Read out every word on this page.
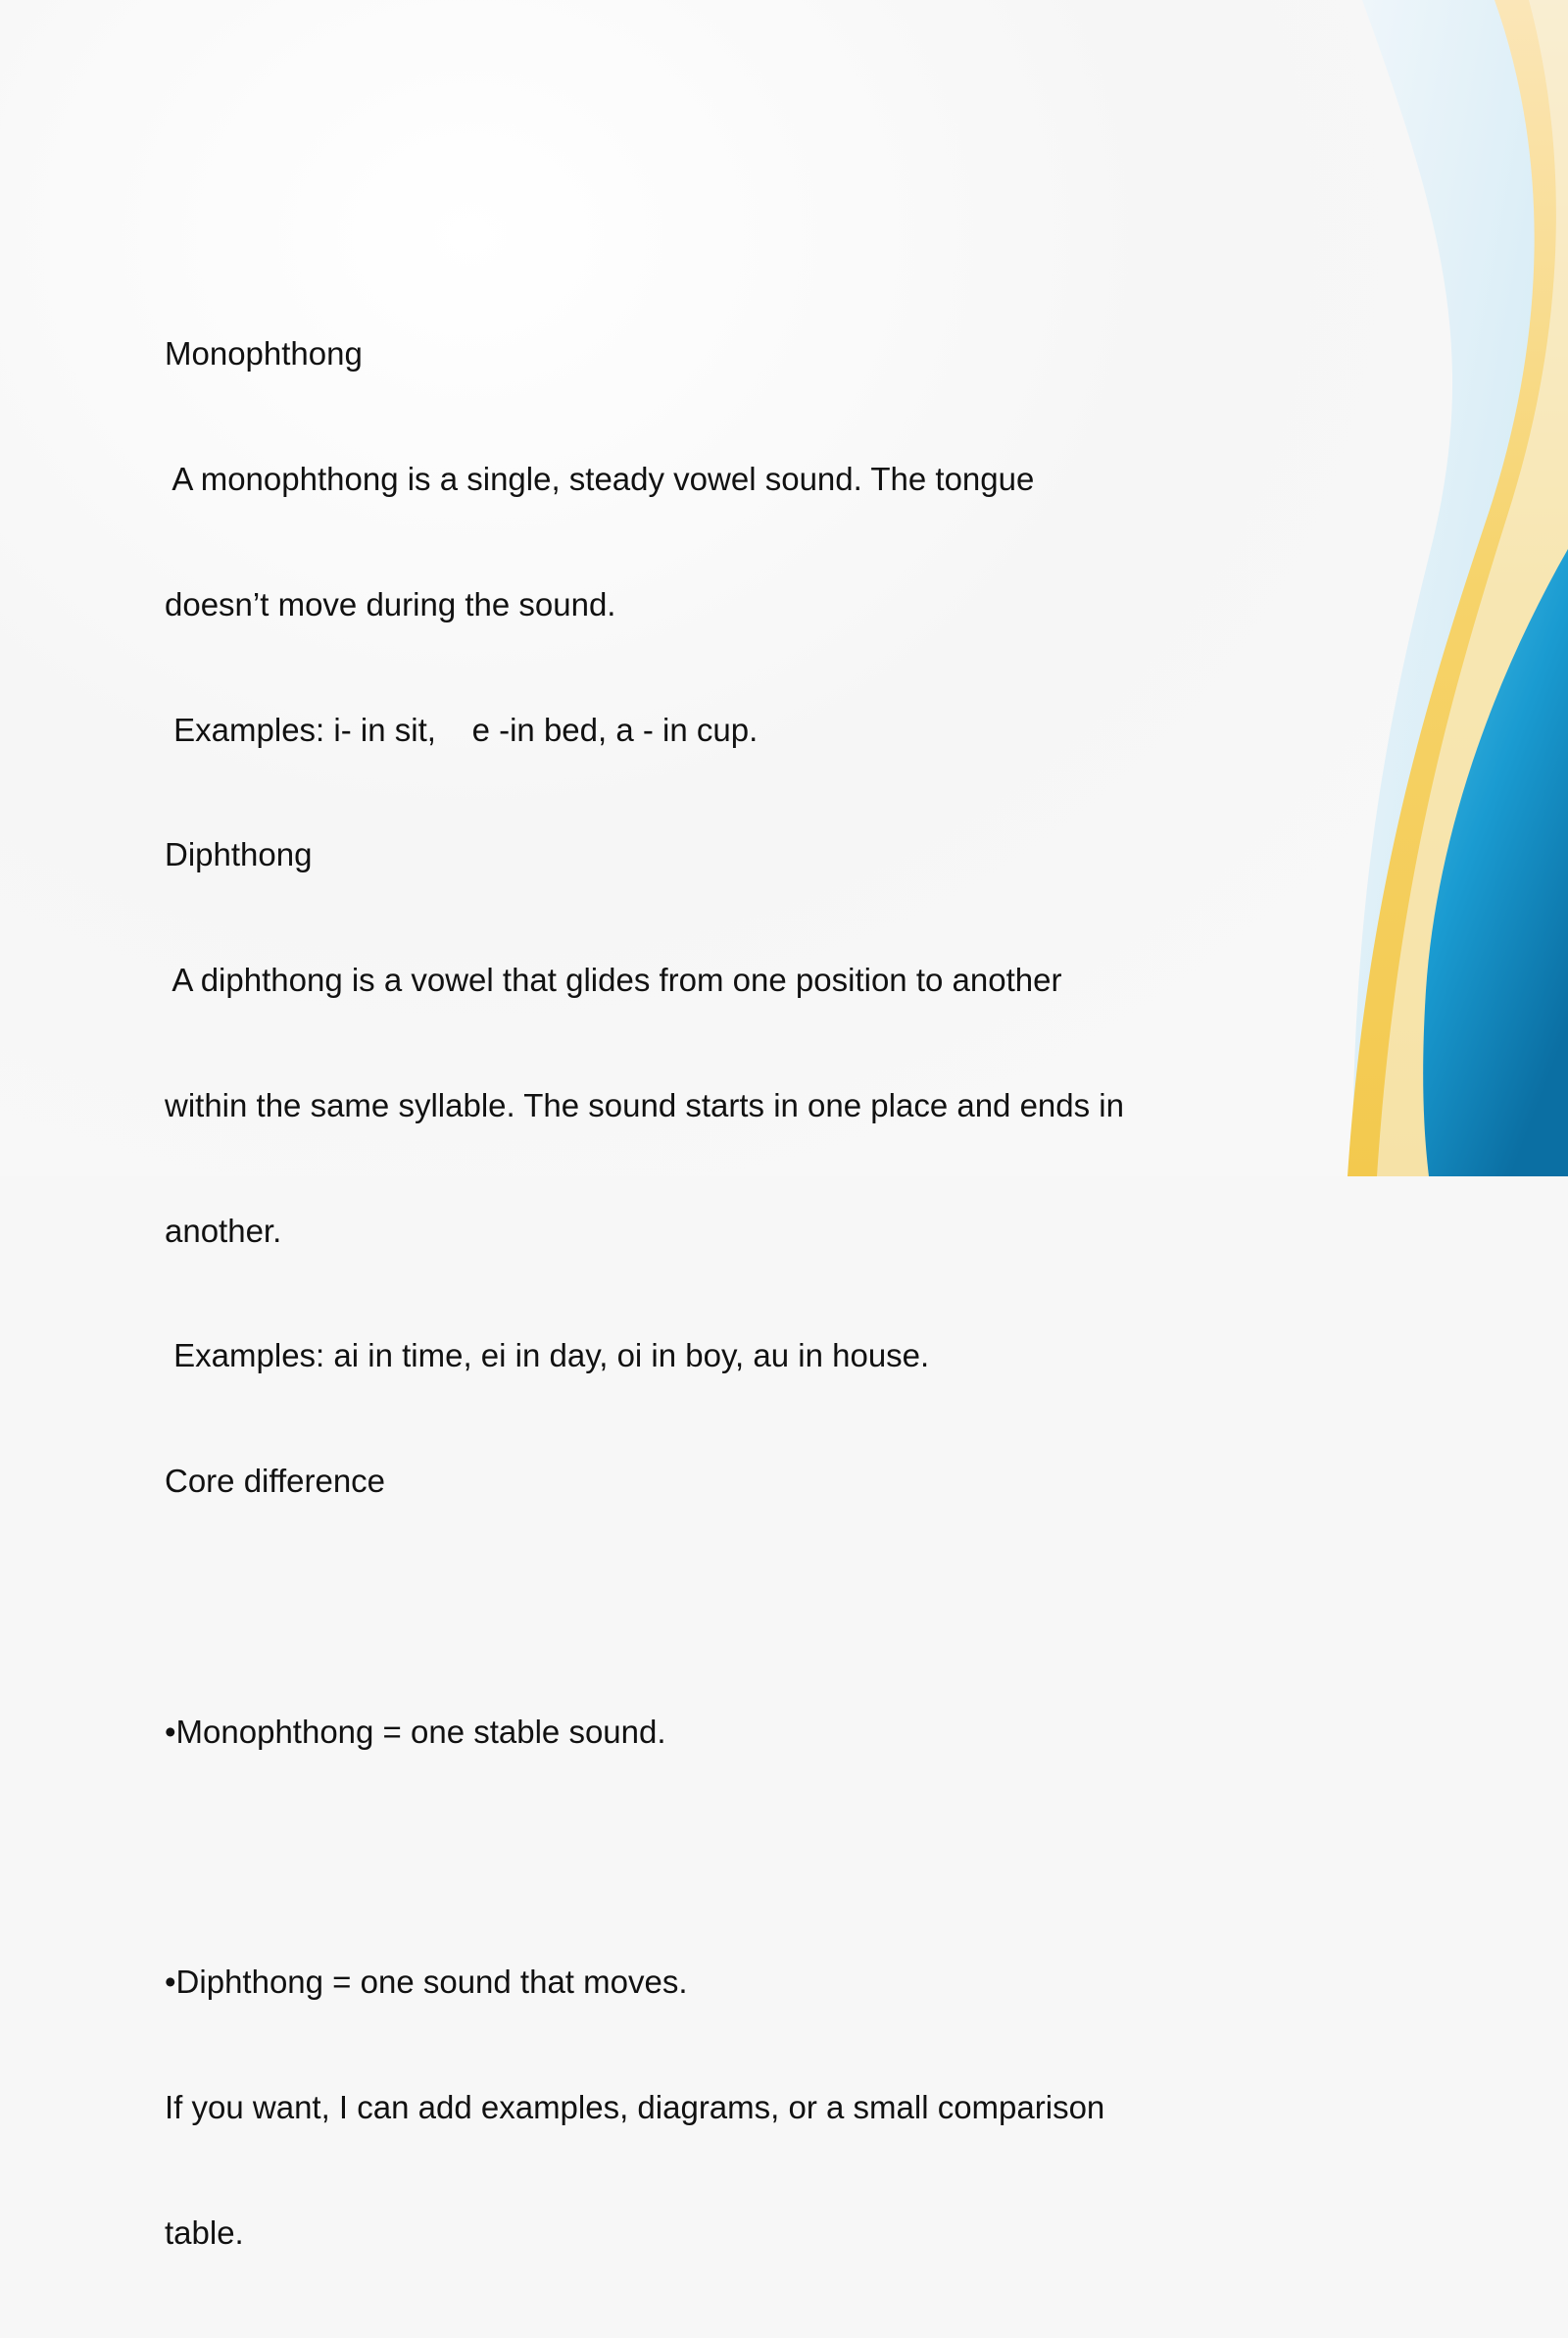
Monophthong

A monophthong is a single, steady vowel sound. The tongue

doesn’t move during the sound.

Examples: i- in sit,    e -in bed, a - in cup.

Diphthong

A diphthong is a vowel that glides from one position to another

within the same syllable. The sound starts in one place and ends in

another.

Examples: ai in time, ei in day, oi in boy, au in house.

Core difference

•Monophthong = one stable sound.

•Diphthong = one sound that moves.

If you want, I can add examples, diagrams, or a small comparison

table.
